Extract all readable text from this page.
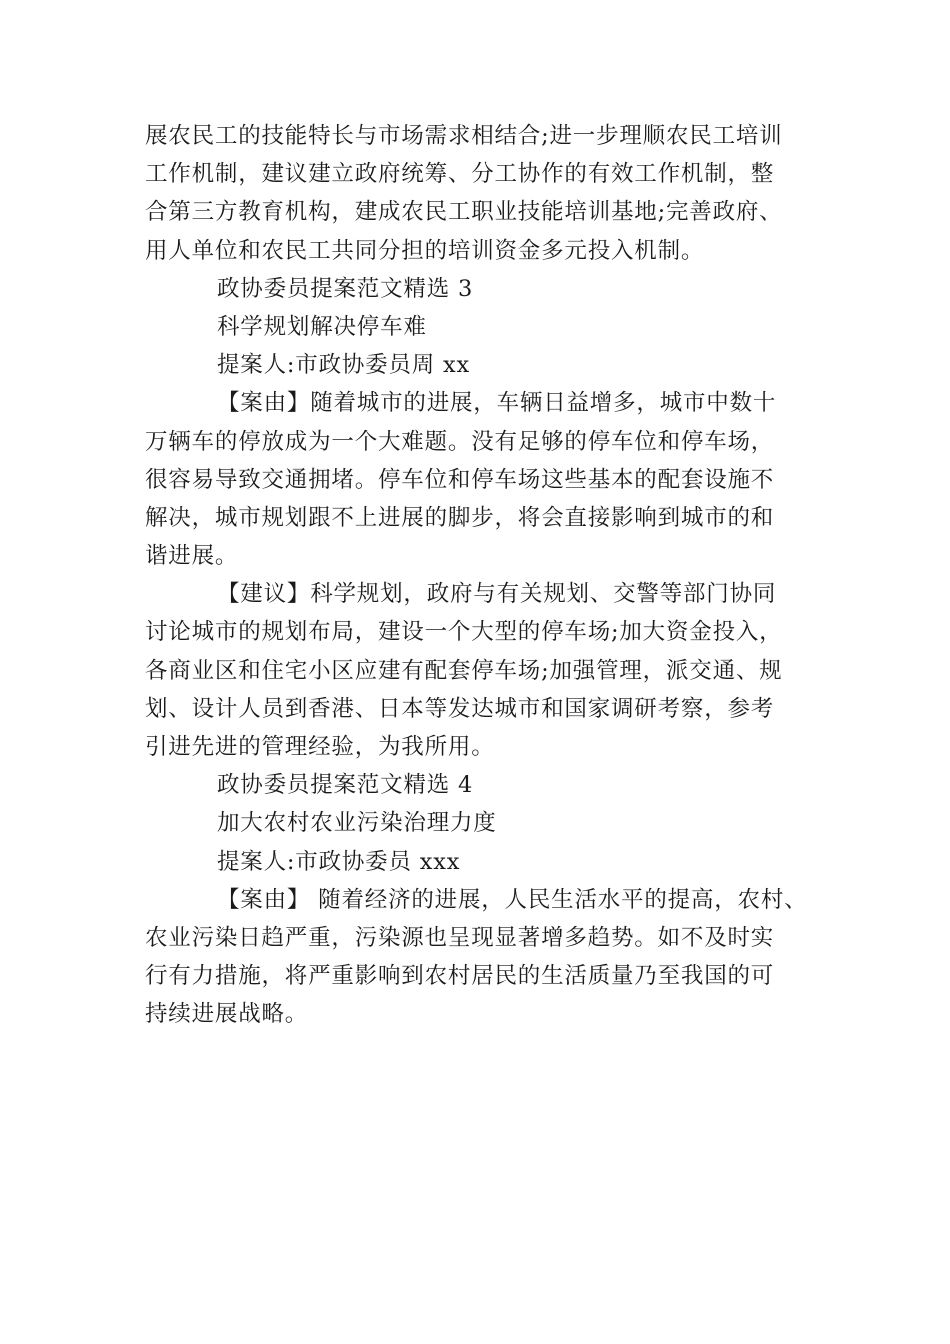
展农民工的技能特长与市场需求相结合;进一步理顺农民工培训
工作机制，建议建立政府统筹、分工协作的有效工作机制，整
合第三方教育机构，建成农民工职业技能培训基地;完善政府、
用人单位和农民工共同分担的培训资金多元投入机制。
政协委员提案范文精选 3
科学规划解决停车难
提案人:市政协委员周 xx
【案由】随着城市的进展，车辆日益增多，城市中数十
万辆车的停放成为一个大难题。没有足够的停车位和停车场，
很容易导致交通拥堵。停车位和停车场这些基本的配套设施不
解决，城市规划跟不上进展的脚步，将会直接影响到城市的和
谐进展。
【建议】科学规划，政府与有关规划、交警等部门协同
讨论城市的规划布局，建设一个大型的停车场;加大资金投入，
各商业区和住宅小区应建有配套停车场;加强管理，派交通、规
划、设计人员到香港、日本等发达城市和国家调研考察，参考
引进先进的管理经验，为我所用。
政协委员提案范文精选 4
加大农村农业污染治理力度
提案人:市政协委员 xxx
【案由】 随着经济的进展，人民生活水平的提高，农村、
农业污染日趋严重，污染源也呈现显著增多趋势。如不及时实
行有力措施，将严重影响到农村居民的生活质量乃至我国的可
持续进展战略。
